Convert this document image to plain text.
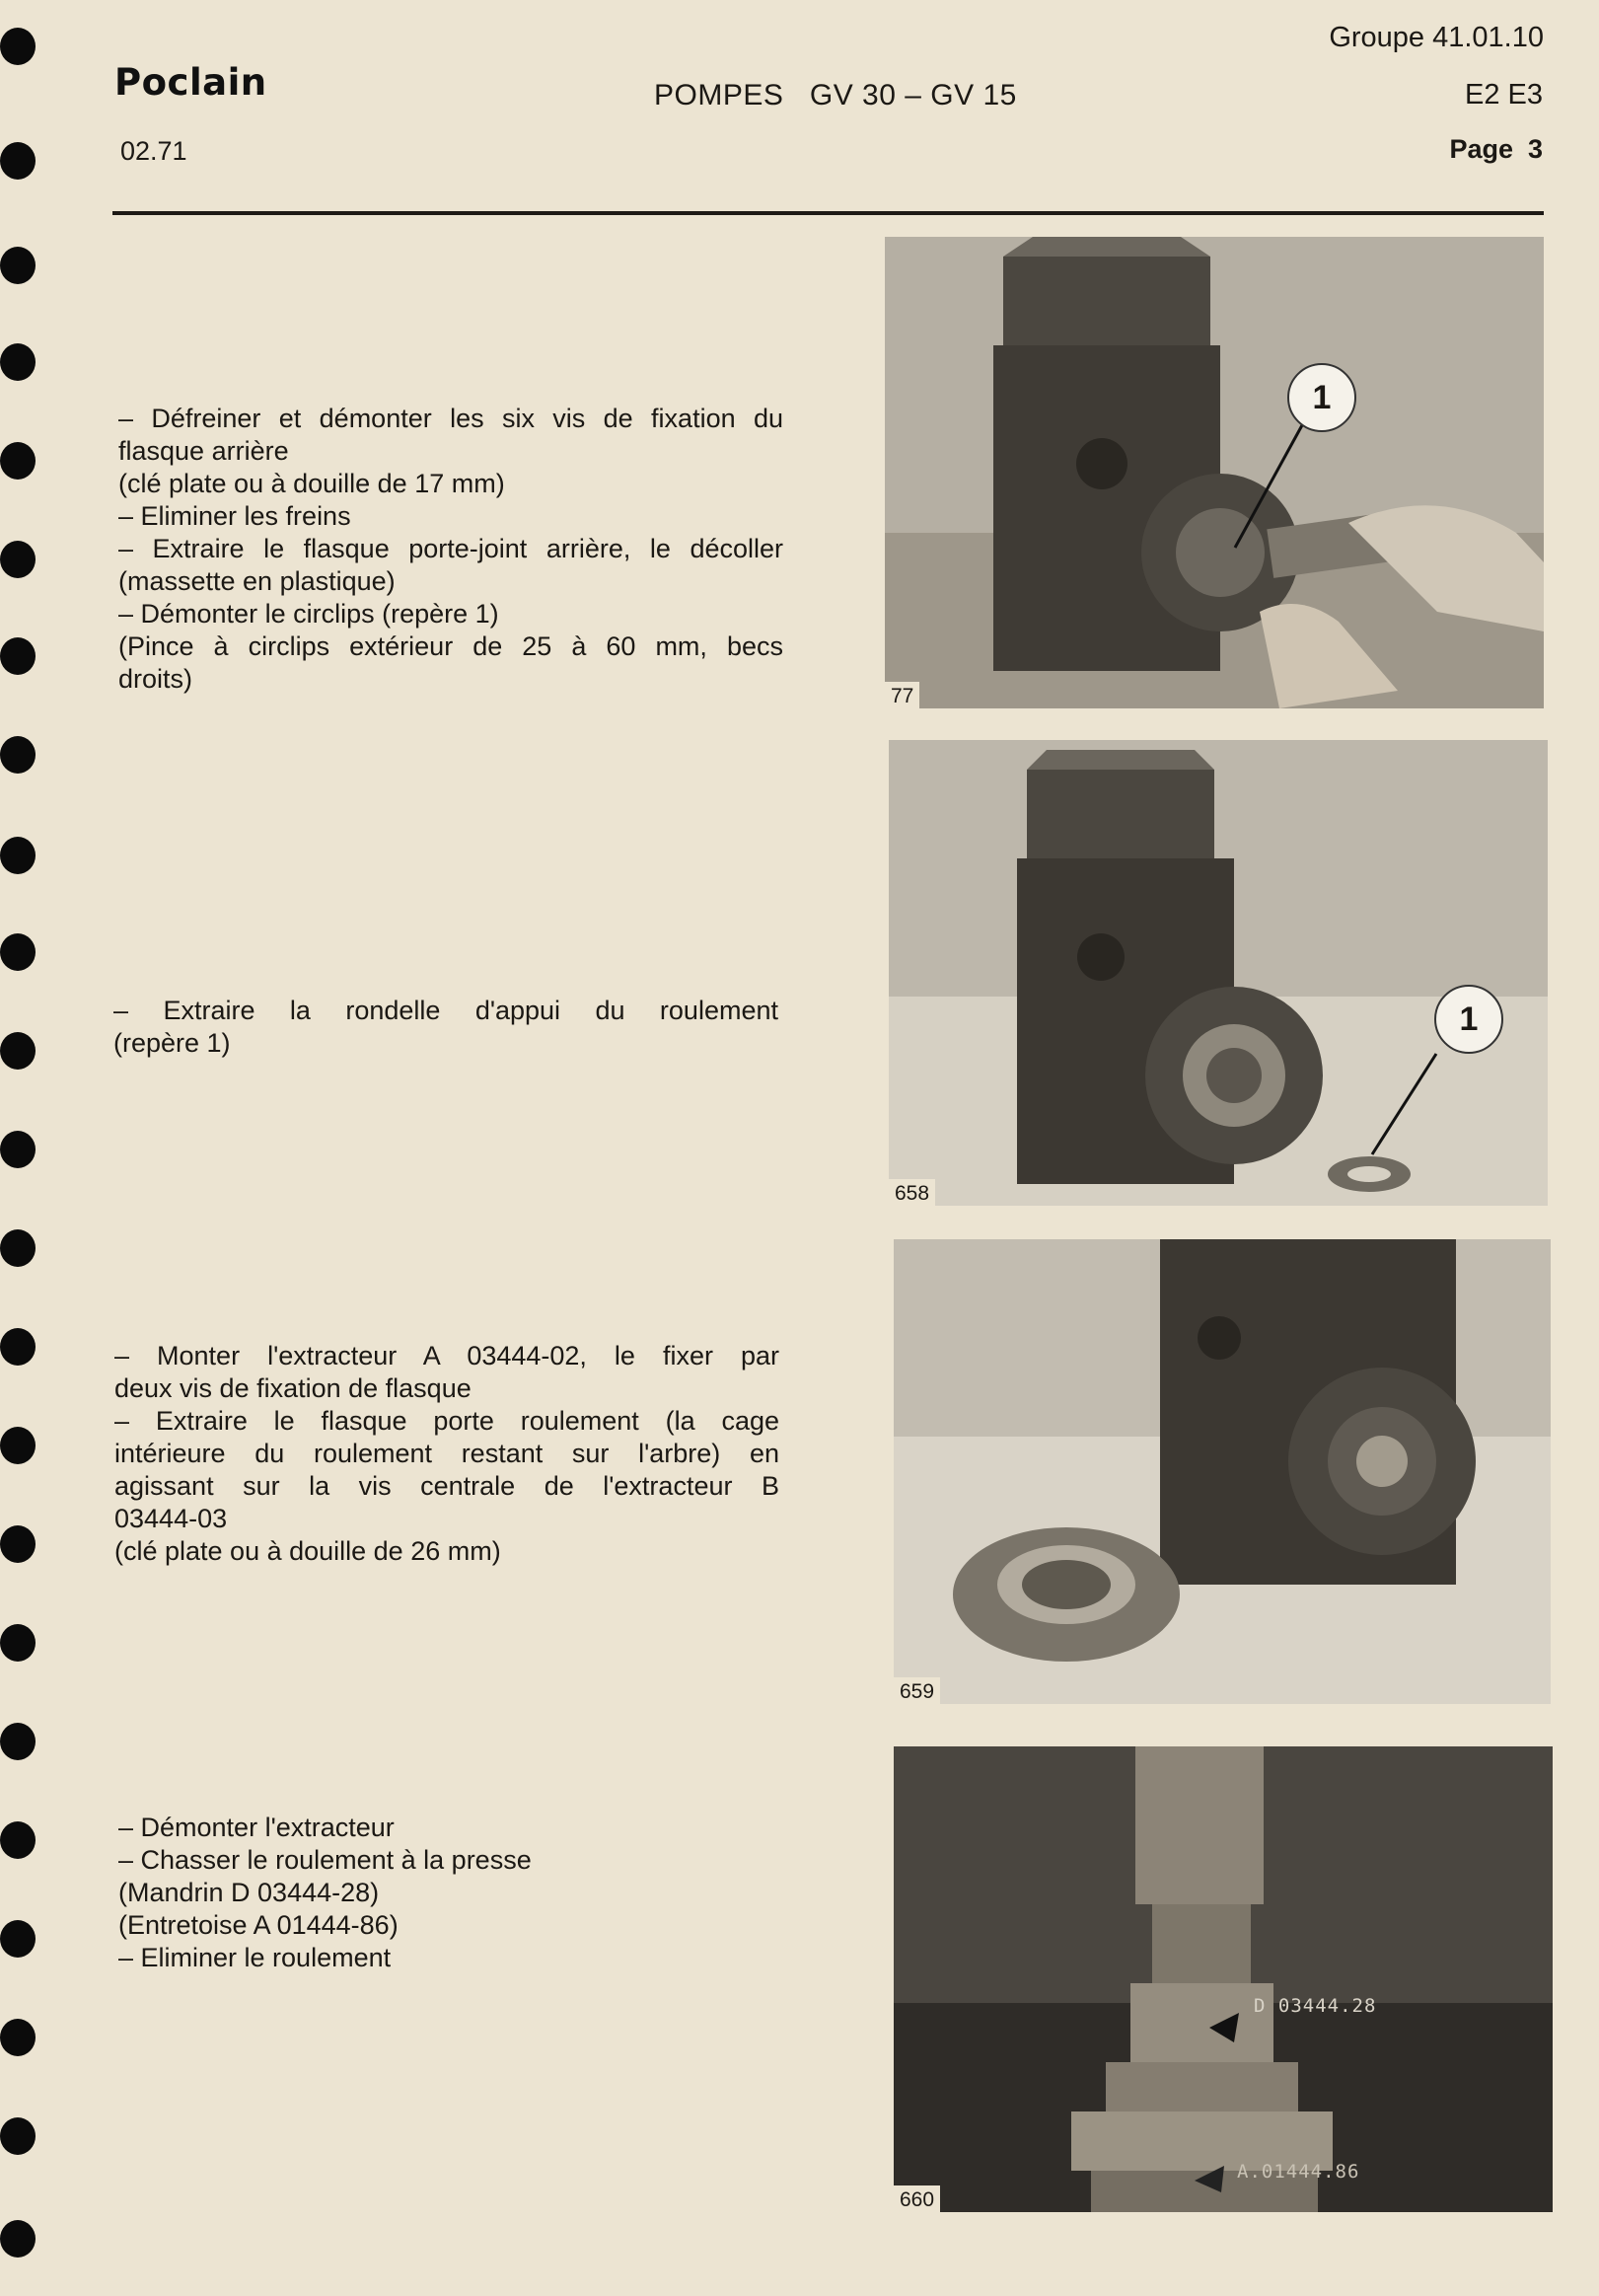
Poclain
02.71
POMPES   GV 30 – GV 15
Groupe 41.01.10
E2 E3
Page  3

– Défreiner et démonter les six vis de fixation du

flasque arrière

(clé plate ou à douille de 17 mm)

– Eliminer les freins

– Extraire le flasque porte-joint arrière, le décoller

(massette en plastique)

– Démonter le circlips (repère 1)

(Pince à circlips extérieur de 25 à 60 mm, becs

droits)

1
77

– Extraire la rondelle d'appui du roulement

(repère 1)

1
658

– Monter l'extracteur A 03444-02, le fixer par

deux vis de fixation de flasque

– Extraire le flasque porte roulement (la cage

intérieure du roulement restant sur l'arbre) en

agissant sur la vis centrale de l'extracteur B

03444-03

(clé plate ou à douille de 26 mm)

659

– Démonter l'extracteur

– Chasser le roulement à la presse

(Mandrin D 03444-28)

(Entretoise A 01444-86)

– Eliminer le roulement

D 03444.28
A.01444.86
660
